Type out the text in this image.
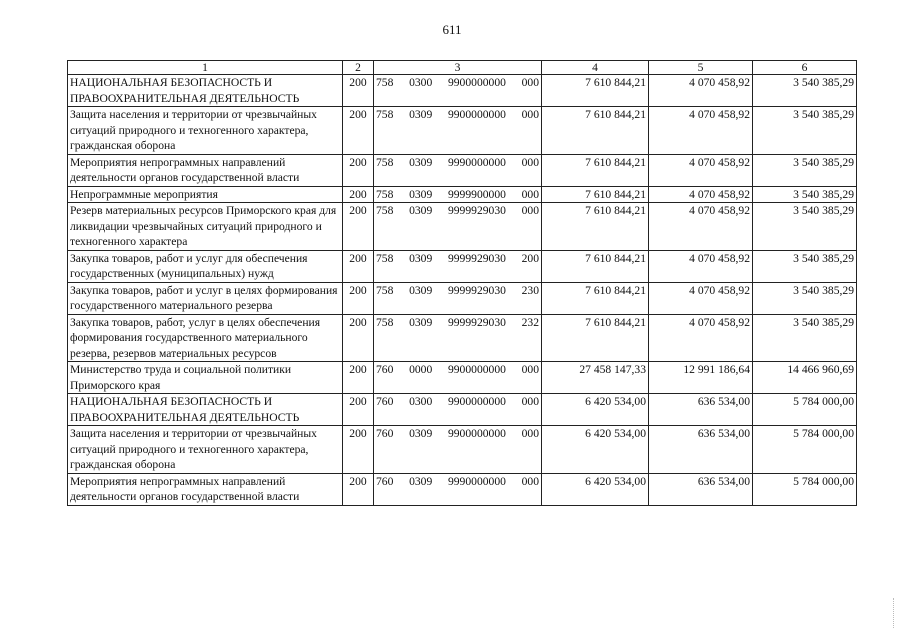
611
1	2	3	4	5	6
НАЦИОНАЛЬНАЯ БЕЗОПАСНОСТЬ И ПРАВООХРАНИТЕЛЬНАЯ ДЕЯТЕЛЬНОСТЬ	200	758 0300 9900000000 000	7 610 844,21	4 070 458,92	3 540 385,29
Защита населения и территории от чрезвычайных ситуаций природного и техногенного характера, гражданская оборона	200	758 0309 9900000000 000	7 610 844,21	4 070 458,92	3 540 385,29
Мероприятия непрограммных направлений деятельности органов государственной власти	200	758 0309 9990000000 000	7 610 844,21	4 070 458,92	3 540 385,29
Непрограммные мероприятия	200	758 0309 9999900000 000	7 610 844,21	4 070 458,92	3 540 385,29
Резерв материальных ресурсов Приморского края для ликвидации чрезвычайных ситуаций природного и техногенного характера	200	758 0309 9999929030 000	7 610 844,21	4 070 458,92	3 540 385,29
Закупка товаров, работ и услуг для обеспечения государственных (муниципальных) нужд	200	758 0309 9999929030 200	7 610 844,21	4 070 458,92	3 540 385,29
Закупка товаров, работ и услуг в целях формирования государственного материального резерва	200	758 0309 9999929030 230	7 610 844,21	4 070 458,92	3 540 385,29
Закупка товаров, работ, услуг в целях обеспечения формирования государственного материального резерва, резервов материальных ресурсов	200	758 0309 9999929030 232	7 610 844,21	4 070 458,92	3 540 385,29
Министерство труда и социальной политики Приморского края	200	760 0000 9900000000 000	27 458 147,33	12 991 186,64	14 466 960,69
НАЦИОНАЛЬНАЯ БЕЗОПАСНОСТЬ И ПРАВООХРАНИТЕЛЬНАЯ ДЕЯТЕЛЬНОСТЬ	200	760 0300 9900000000 000	6 420 534,00	636 534,00	5 784 000,00
Защита населения и территории от чрезвычайных ситуаций природного и техногенного характера, гражданская оборона	200	760 0309 9900000000 000	6 420 534,00	636 534,00	5 784 000,00
Мероприятия непрограммных направлений деятельности органов государственной власти	200	760 0309 9990000000 000	6 420 534,00	636 534,00	5 784 000,00
